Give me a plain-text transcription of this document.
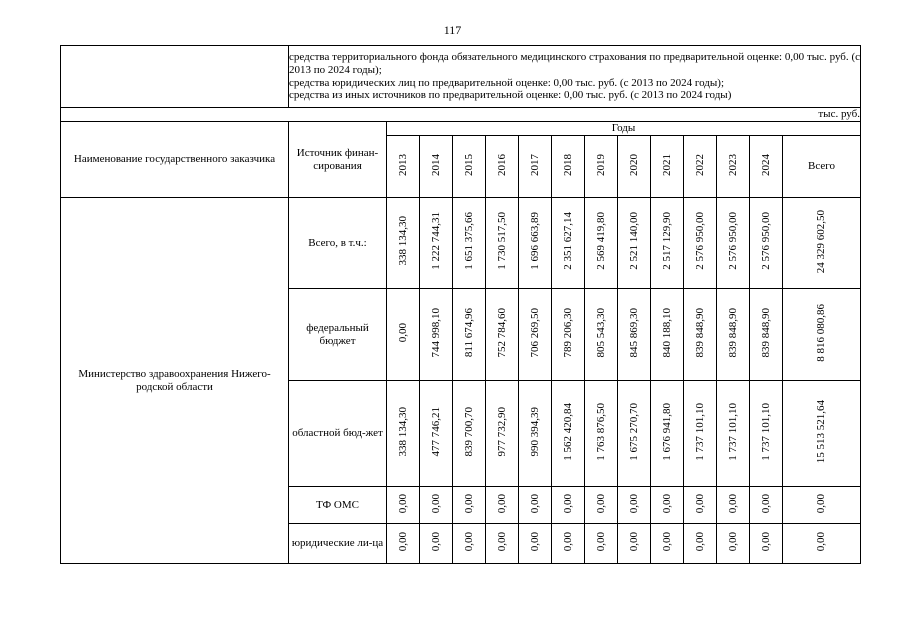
117

	средства территориального фонда обязательного медицинского страхования по предварительной оценке: 0,00 тыс. руб. (с 2013 по 2024 годы);
средства юридических лиц по предварительной оценке: 0,00 тыс. руб. (с 2013 по 2024 годы);
средства из иных источников по предварительной оценке: 0,00 тыс. руб. (с 2013 по 2024 годы)													

тыс. руб.														
Наименование государственного заказчика	Источник финан-сирования	Годы												
		2013	2014	2015	2016	2017	2018	2019	2020	2021	2022	2023	2024	Всего
Министерство здравоохранения Нижего-родской области	Всего, в т.ч.:	338 134,30	1 222 744,31	1 651 375,66	1 730 517,50	1 696 663,89	2 351 627,14	2 569 419,80	2 521 140,00	2 517 129,90	2 576 950,00	2 576 950,00	2 576 950,00	24 329 602,50
	федеральный бюджет	0,00	744 998,10	811 674,96	752 784,60	706 269,50	789 206,30	805 543,30	845 869,30	840 188,10	839 848,90	839 848,90	839 848,90	8 816 080,86
	областной бюд-жет	338 134,30	477 746,21	839 700,70	977 732,90	990 394,39	1 562 420,84	1 763 876,50	1 675 270,70	1 676 941,80	1 737 101,10	1 737 101,10	1 737 101,10	15 513 521,64
	ТФ ОМС	0,00	0,00	0,00	0,00	0,00	0,00	0,00	0,00	0,00	0,00	0,00	0,00	0,00
	юридические ли-ца	0,00	0,00	0,00	0,00	0,00	0,00	0,00	0,00	0,00	0,00	0,00	0,00	0,00
